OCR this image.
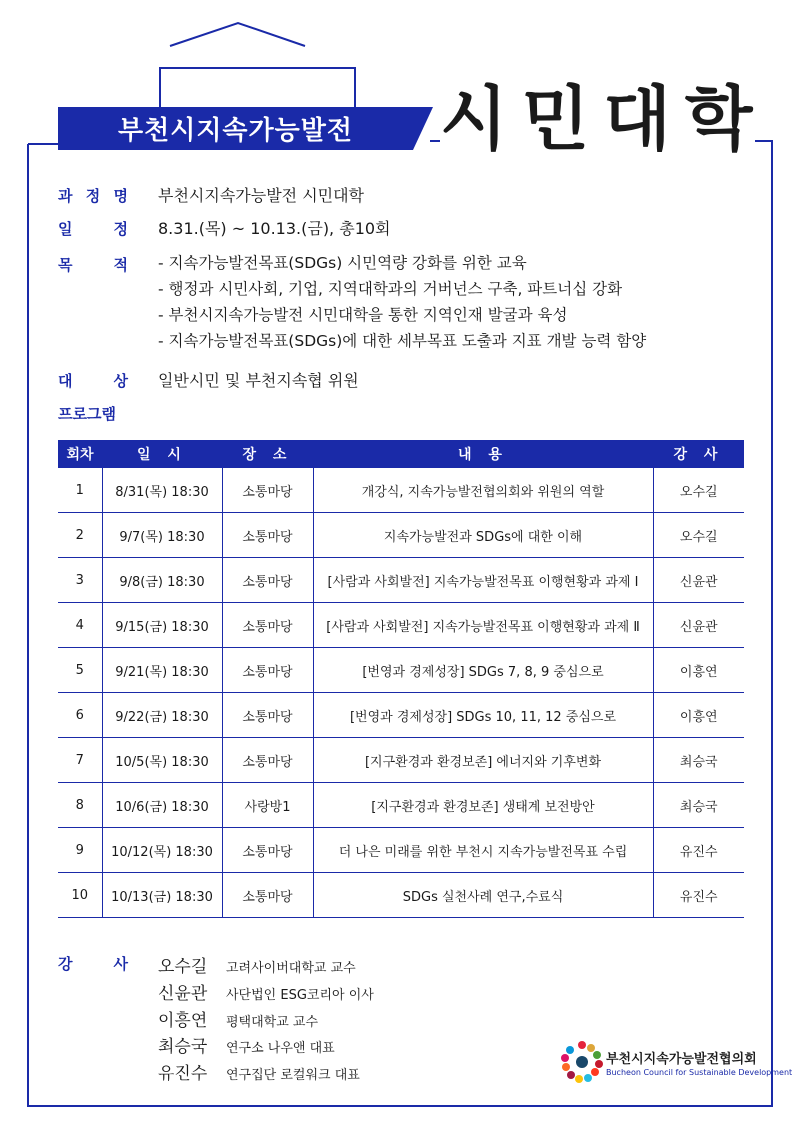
부천시지속가능발전	시민대학
과 정 명 부천시지속가능발전 시민대학
일	정 8.31.(목) ~ 10.13.(금), 총10회
목	적 - 지속가능발전목표(SDGs) 시민역량 강화를 위한 교육
- 행정과 시민사회, 기업, 지역대학과의 거버넌스 구축, 파트너십 강화
- 부천시지속가능발전 시민대학을 통한 지역인재 발굴과 육성
- 지속가능발전목표(SDGs)에 대한 세부목표 도출과 지표 개발 능력 함양
대	상 일반시민 및 부천지속협 위원
프로그램
회차	일 시	장 소	내 용	강 사
1	8/31(목) 18:30	소통마당	개강식, 지속가능발전협의회와 위원의 역할	오수길
2	9/7(목) 18:30	소통마당	지속가능발전과 SDGs에 대한 이해	오수길
3	9/8(금) 18:30	소통마당	[사람과 사회발전] 지속가능발전목표 이행현황과 과제 Ⅰ	신윤관
4	9/15(금) 18:30	소통마당	[사람과 사회발전] 지속가능발전목표 이행현황과 과제 Ⅱ	신윤관
5	9/21(목) 18:30	소통마당	[번영과 경제성장] SDGs 7, 8, 9 중심으로	이흥연
6	9/22(금) 18:30	소통마당	[번영과 경제성장] SDGs 10, 11, 12 중심으로	이흥연
7	10/5(목) 18:30	소통마당	[지구환경과 환경보존] 에너지와 기후변화	최승국
8	10/6(금) 18:30	사랑방1	[지구환경과 환경보존] 생태계 보전방안	최승국
9	10/12(목) 18:30	소통마당	더 나은 미래를 위한 부천시 지속가능발전목표 수립	유진수
10	10/13(금) 18:30	소통마당	SDGs 실천사례 연구,수료식	유진수
강	사 오수길	고려사이버대학교 교수
신윤관	사단법인 ESG코리아 이사
이흥연	평택대학교 교수
최승국	연구소 나우앤 대표
유진수	연구집단 로컬워크 대표
부천시지속가능발전협의회
Bucheon Council for Sustainable Development
